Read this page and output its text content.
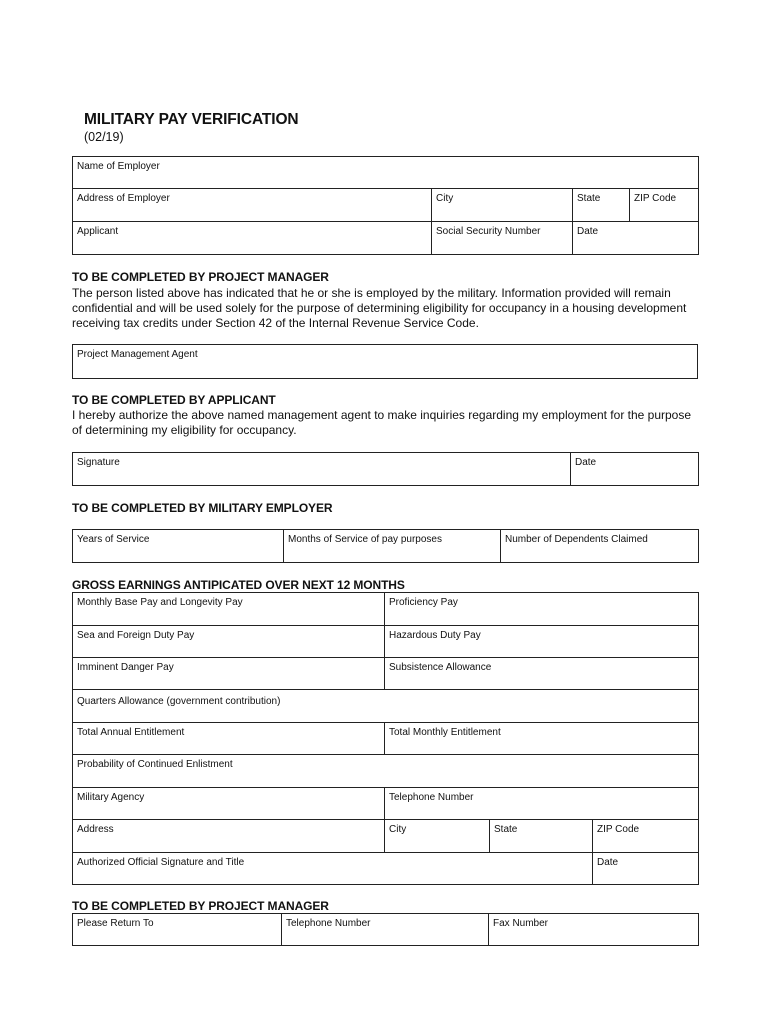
MILITARY PAY VERIFICATION
(02/19)
Name of Employer			

Address of Employer	City	State	ZIP Code

Applicant	Social Security Number	Date	
TO BE COMPLETED BY PROJECT MANAGER
The person listed above has indicated that he or she is employed by the military. Information provided will remain confidential and will be used solely for the purpose of determining eligibility for occupancy in a housing development receiving tax credits under Section 42 of the Internal Revenue Service Code.
Project Management Agent
TO BE COMPLETED BY APPLICANT
I hereby authorize the above named management agent to make inquiries regarding my employment for the purpose of determining my eligibility for occupancy.
Signature	Date
TO BE COMPLETED BY MILITARY EMPLOYER
Years of Service	Months of Service of pay purposes	Number of Dependents Claimed
GROSS EARNINGS ANTIPICATED OVER NEXT 12 MONTHS
Monthly Base Pay and Longevity Pay	Proficiency Pay		

Sea and Foreign Duty Pay	Hazardous Duty Pay		

Imminent Danger Pay	Subsistence Allowance		

Quarters Allowance (government contribution)			

Total Annual Entitlement	Total Monthly Entitlement		

Probability of Continued Enlistment			

Military Agency	Telephone Number		

Address	City	State	ZIP Code

Authorized Official Signature and Title			Date
TO BE COMPLETED BY PROJECT MANAGER
Please Return To	Telephone Number	Fax Number
